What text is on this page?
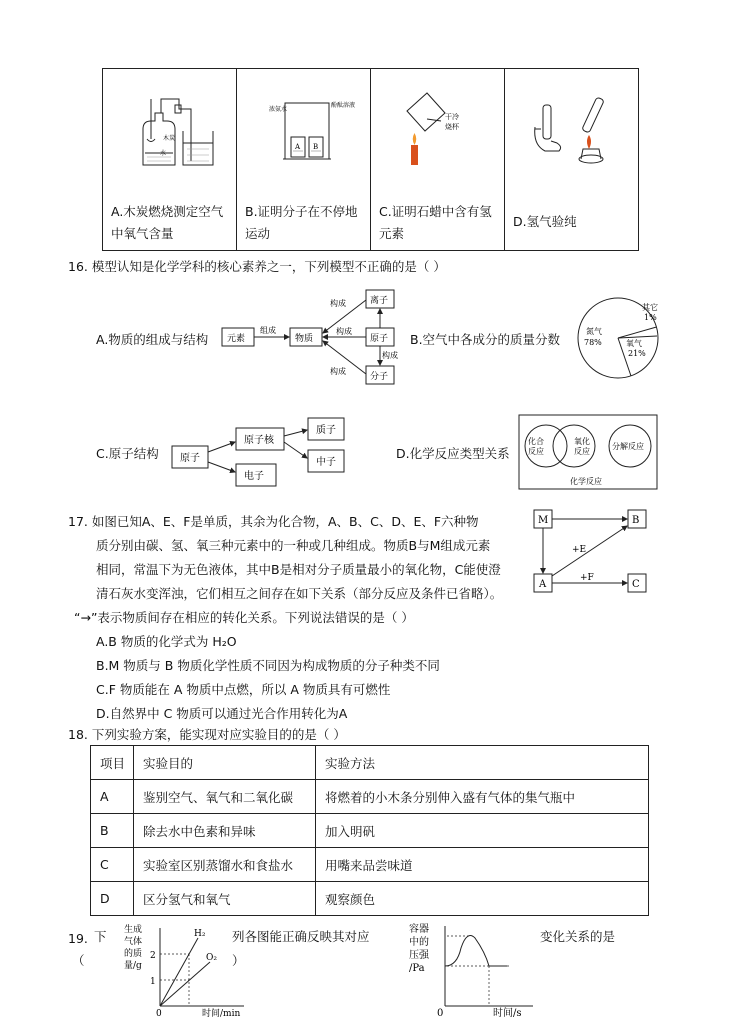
木炭
水
A.木炭燃烧测定空气中氧气含量

浓氨水
酚酞溶液
A B
B.证明分子在不停地运动

干冷
烧杯
C.证明石蜡中含有氢元素

D.氢气验纯
16. 模型认知是化学学科的核心素养之一，下列模型不正确的是（ ）
A.物质的组成与结构 元素	物质
离子
原子
分子
组成
构成
构成
构成
构成
B.空气中各成分的质量分数
氮气
78%	氧气
21%
其它
1%
C.原子结构 原子
原子核
电子
质子
中子
D.化学反应类型关系
化合
反应
氧化
反应
分解反应
化学反应
17. 如图已知A、E、F是单质，其余为化合物，A、B、C、D、E、F六种物
质分别由碳、氢、氧三种元素中的一种或几种组成。物质B与M组成元素
相同，常温下为无色液体，其中B是相对分子质量最小的氧化物，C能使澄
清石灰水变浑浊，它们相互之间存在如下关系（部分反应及条件已省略）。
“→”表示物质间存在相应的转化关系。下列说法错误的是（ ）
M	B
A	C
+E
+F
A.B 物质的化学式为 H₂O
B.M 物质与 B 物质化学性质不同因为构成物质的分子种类不同
C.F 物质能在 A 物质中点燃，所以 A 物质具有可燃性
D.自然界中 C 物质可以通过光合作用转化为A
18. 下列实验方案，能实现对应实验目的的是（ ）
项目	实验目的	实验方法
A	鉴别空气、氧气和二氧化碳	将燃着的小木条分别伸入盛有气体的集气瓶中
B	除去水中色素和异味	加入明矾
C	实验室区别蒸馏水和食盐水	用嘴来品尝味道
D	区分氢气和氧气	观察颜色
19. 下
（
列各图能正确反映其对应
）
变化关系的是
生成
气体
的质
量/g
2
1
0	时间/min
H₂
O₂
容器
中的
压强
/Pa
0	时间/s
